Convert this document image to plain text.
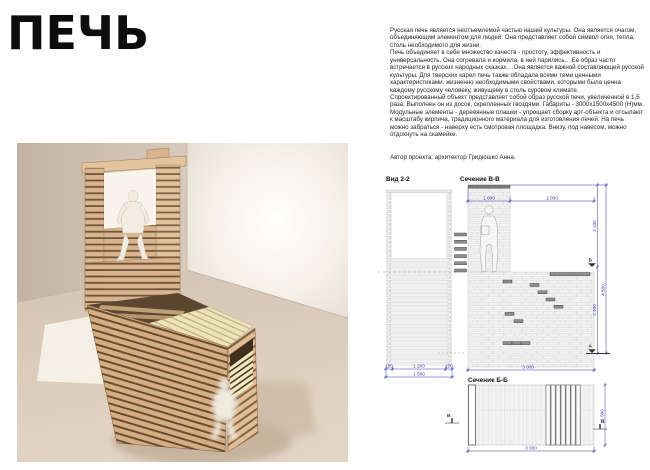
ПЕЧЬ	Русская печь является неотъемлемой частью нашей культуры. Она является очагом, объединяющим элементом для людей. Она представляет собой символ огня, тепла, столь необходимого для жизни.

Печь объединяет в себе множество качеств - простоту, эффективность и универсальность. Она согревала и кормила, в ней парились.. .Ее образ часто встречается в русских народных сказках.. .Она является важной составляющей русской культуры. Для тверских карел печь также обладала всеми теми ценными характеристиками, жизненно необходимыми свойствами, которыми была ценна каждому русскому человеку, живущему в столь суровом климате.

Спроектированный объект представляет собой образ русской печи, увеличенной в 1,5 раза. Выполнен он из досок, скрепленных гвоздями. Габариты - 3000х1500х4500 (Н)мм. Модульные элементы - деревянные плашки - упрощает сборку арт-объекта и отсылают к масштабу кирпича, традиционного материала для изготовления печей. На печь можно забраться - наверху есть смотровая площадка. Внизу, под навесом, можно отдохнуть на скамейке.

Автор проекта: архитектор Гридюшко Анна.

Вид 2-2
150	1 200	150
1 500
Сечение В-В
1 000	2 000
3 000
2 100
2 400
4 500
Б
А
Сечение Б-Б
В
В
3 000
1 500
